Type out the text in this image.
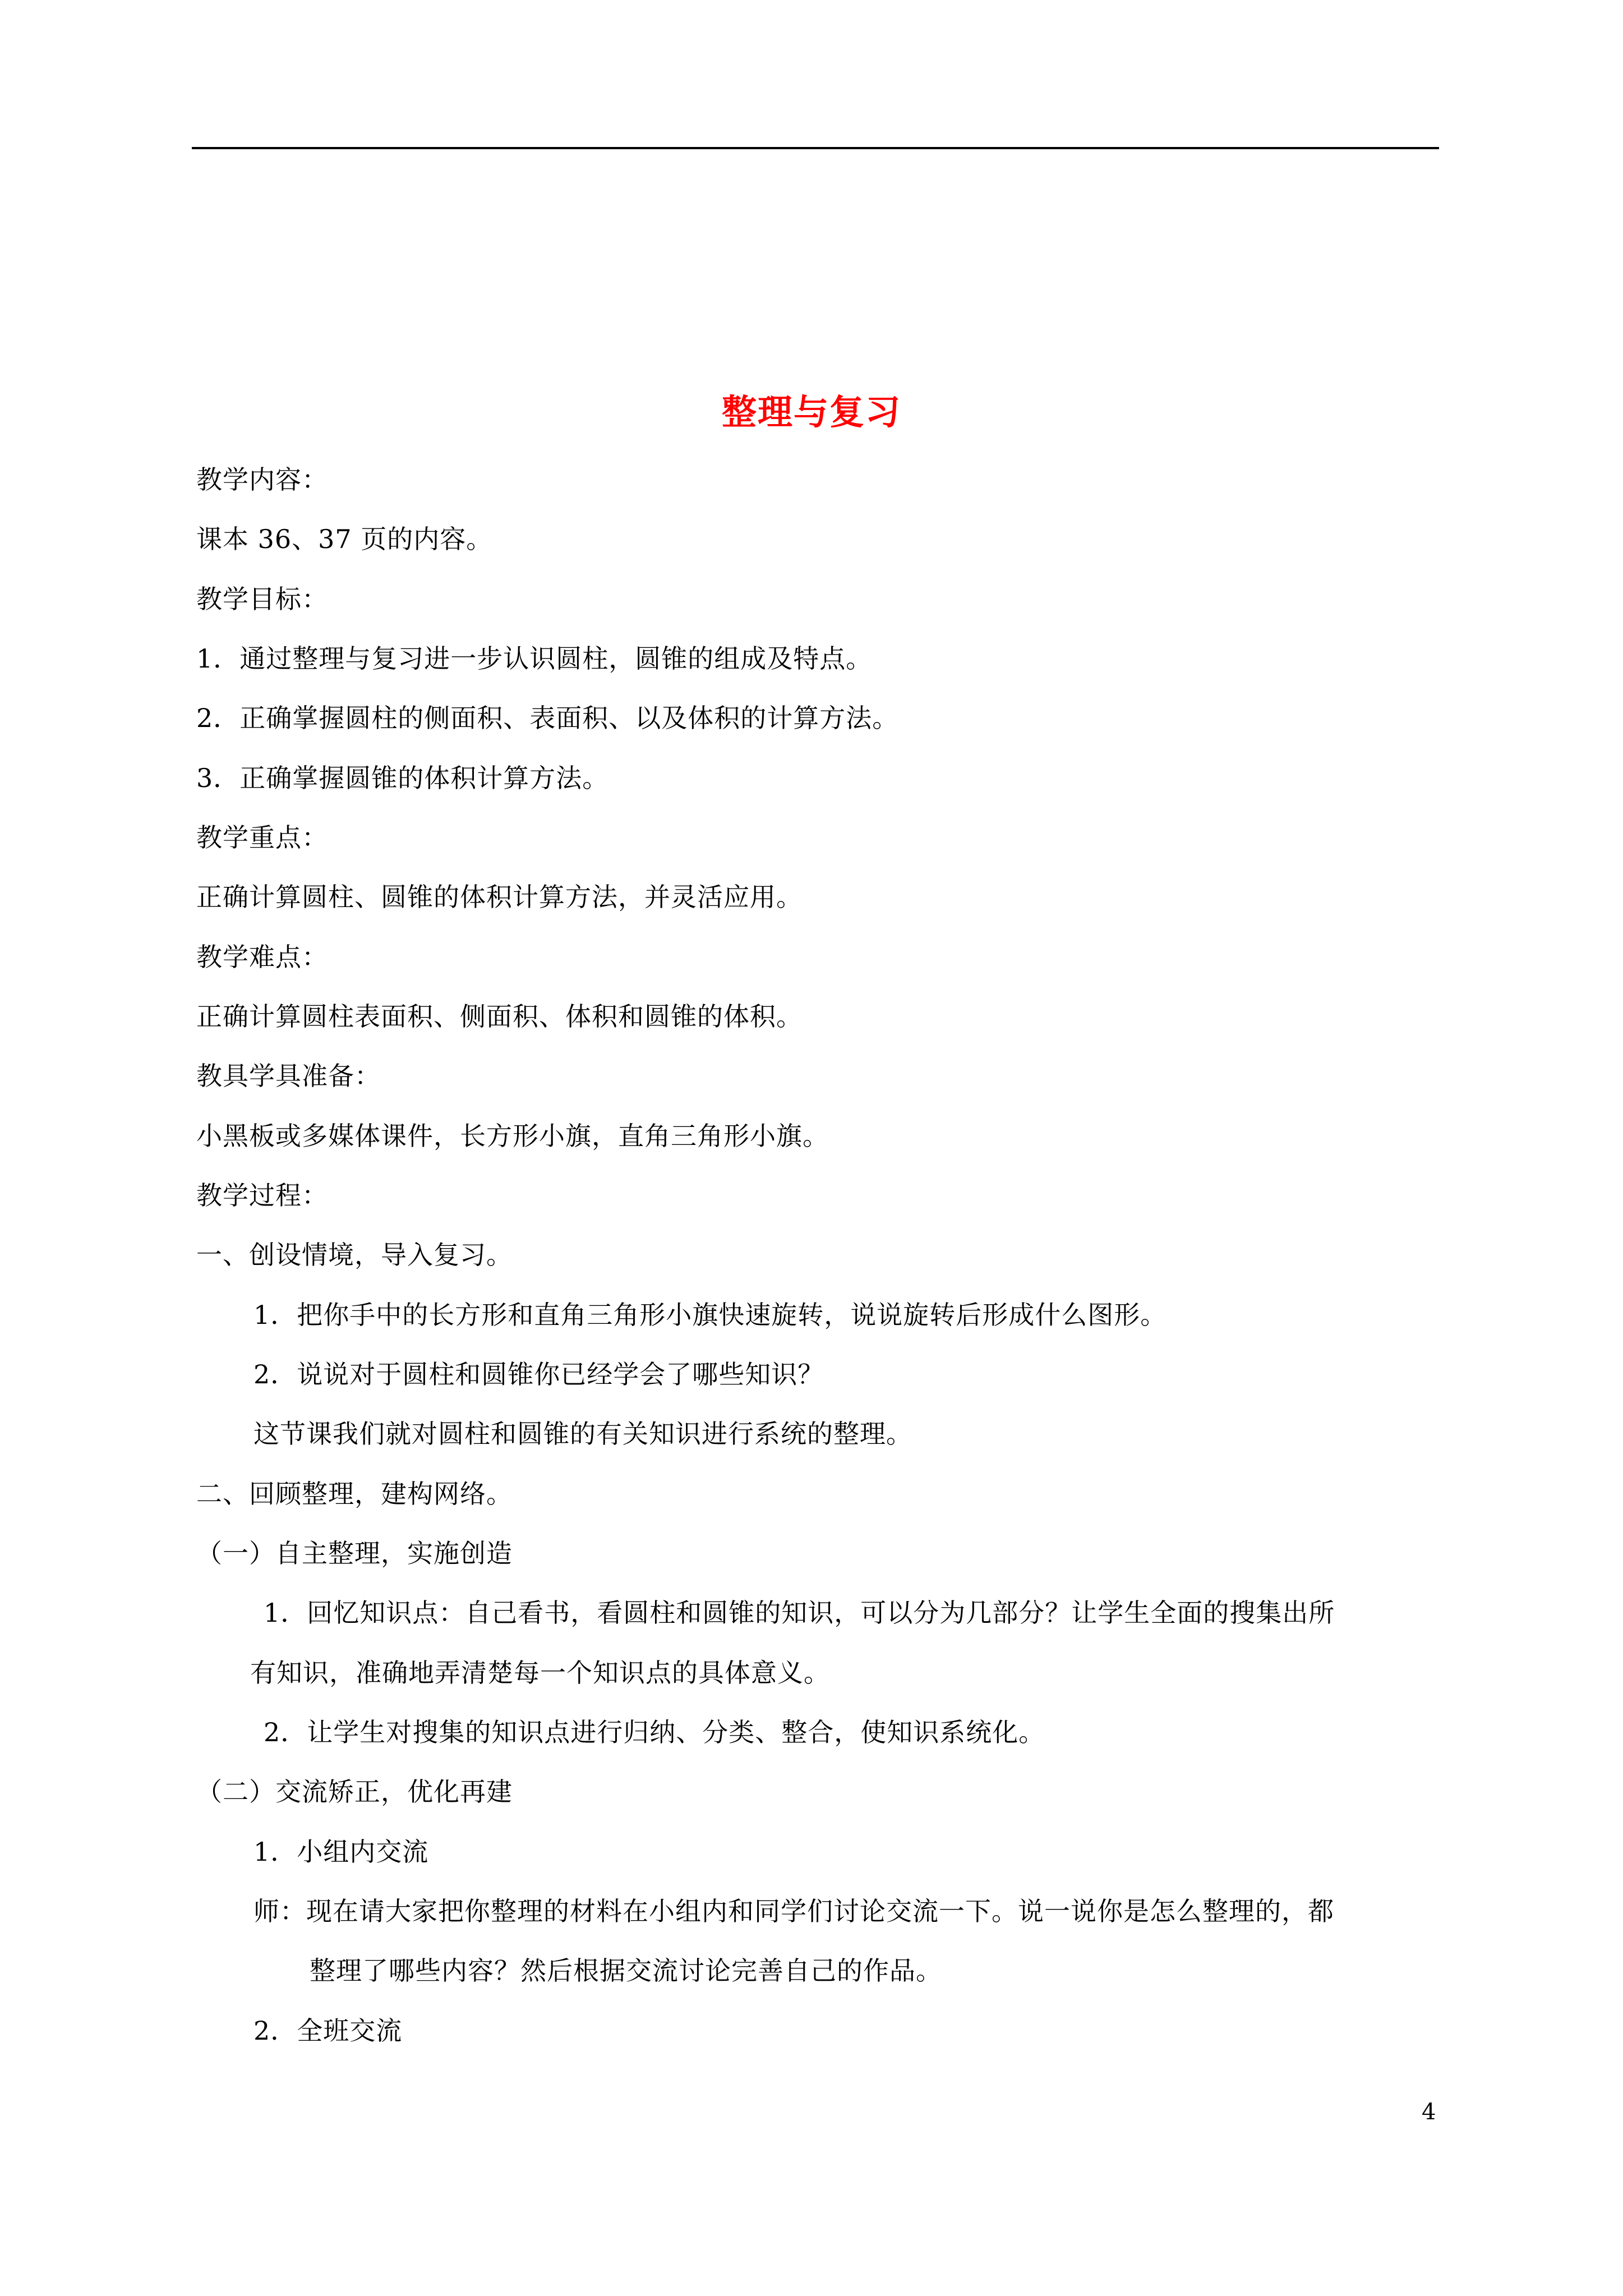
整理与复习
教学内容：
课本 36、37 页的内容。
教学目标：
1．通过整理与复习进一步认识圆柱，圆锥的组成及特点。
2．正确掌握圆柱的侧面积、表面积、以及体积的计算方法。
3．正确掌握圆锥的体积计算方法。
教学重点：
正确计算圆柱、圆锥的体积计算方法，并灵活应用。
教学难点：
正确计算圆柱表面积、侧面积、体积和圆锥的体积。
教具学具准备：
小黑板或多媒体课件，长方形小旗，直角三角形小旗。
教学过程：
一、创设情境，导入复习。
1．把你手中的长方形和直角三角形小旗快速旋转，说说旋转后形成什么图形。
2．说说对于圆柱和圆锥你已经学会了哪些知识？
这节课我们就对圆柱和圆锥的有关知识进行系统的整理。
二、回顾整理，建构网络。
（一）自主整理，实施创造
1．回忆知识点：自己看书，看圆柱和圆锥的知识，可以分为几部分？让学生全面的搜集出所
有知识，准确地弄清楚每一个知识点的具体意义。
2．让学生对搜集的知识点进行归纳、分类、整合，使知识系统化。
（二）交流矫正，优化再建
1．小组内交流
师：现在请大家把你整理的材料在小组内和同学们讨论交流一下。说一说你是怎么整理的，都
整理了哪些内容？然后根据交流讨论完善自己的作品。
2．全班交流
4
